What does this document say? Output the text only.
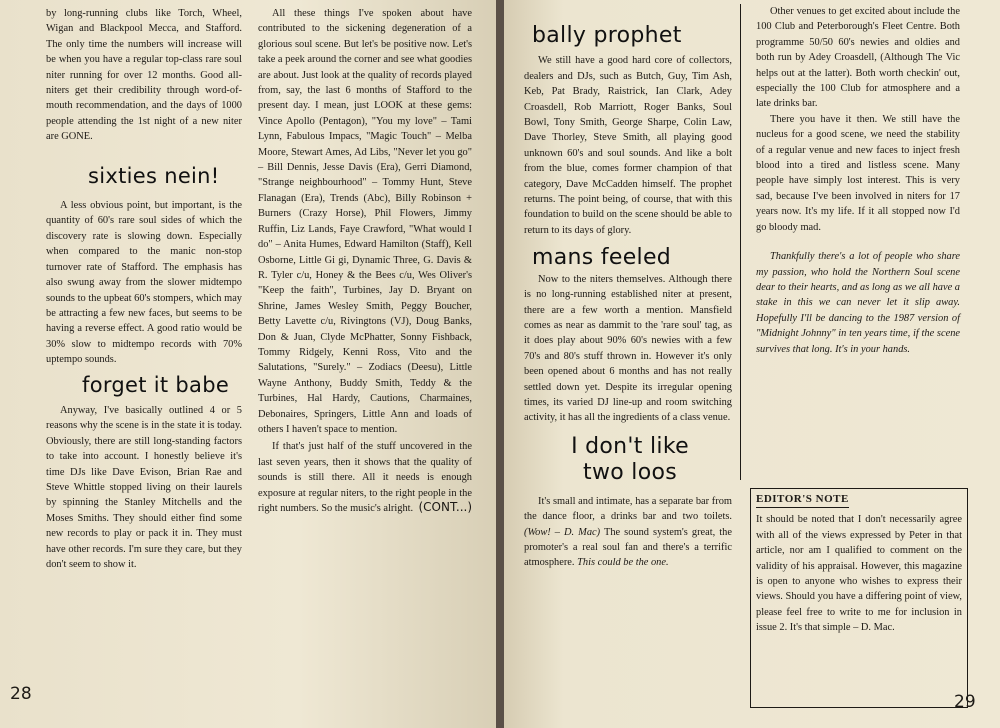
by long-running clubs like Torch, Wheel, Wigan and Blackpool Mecca, and Stafford. The only time the numbers will increase will be when you have a regular top-class rare soul niter running for over 12 months. Good all-niters get their credibility through word-of-mouth recommendation, and the days of 1000 people attending the 1st night of a new niter are GONE.

sixties nein!

A less obvious point, but important, is the quantity of 60's rare soul sides of which the discovery rate is slowing down. Especially when compared to the manic non-stop turnover rate of Stafford. The emphasis has also swung away from the slower midtempo sounds to the upbeat 60's stompers, which may be attracting a few new faces, but seems to be having a reverse effect. A good ratio would be 30% slow to midtempo records with 70% uptempo sounds.

forget it babe

Anyway, I've basically outlined 4 or 5 reasons why the scene is in the state it is today. Obviously, there are still long-standing factors to take into account. I honestly believe it's time DJs like Dave Evison, Brian Rae and Steve Whittle stopped living on their laurels by spinning the Stanley Mitchells and the Moses Smiths. They should either find some new records to play or pack it in. They must have other records. I'm sure they care, but they don't seem to show it.

All these things I've spoken about have contributed to the sickening degeneration of a glorious soul scene. But let's be positive now. Let's take a peek around the corner and see what goodies are about. Just look at the quality of records played from, say, the last 6 months of Stafford to the present day. I mean, just LOOK at these gems: Vince Apollo (Pentagon), "You my love" – Tami Lynn, Fabulous Impacs, "Magic Touch" – Melba Moore, Stewart Ames, Ad Libs, "Never let you go" – Bill Dennis, Jesse Davis (Era), Gerri Diamond, "Strange neighbourhood" – Tommy Hunt, Steve Flanagan (Era), Trends (Abc), Billy Robinson + Burners (Crazy Horse), Phil Flowers, Jimmy Ruffin, Liz Lands, Faye Crawford, "What would I do" – Anita Humes, Edward Hamilton (Staff), Kell Osborne, Little Gi gi, Dynamic Three, G. Davis & R. Tyler c/u, Honey & the Bees c/u, Wes Oliver's "Keep the faith", Turbines, Jay D. Bryant on Shrine, James Wesley Smith, Peggy Boucher, Betty Lavette c/u, Rivingtons (VJ), Doug Banks, Don & Juan, Clyde McPhatter, Sonny Fishback, Tommy Ridgely, Kenni Ross, Vito and the Salutations, "Surely." – Zodiacs (Deesu), Little Wayne Anthony, Buddy Smith, Teddy & the Turbines, Hal Hardy, Cautions, Charmaines, Debonaires, Springers, Little Ann and loads of others I haven't space to mention.

If that's just half of the stuff uncovered in the last seven years, then it shows that the quality of sounds is still there. All it needs is enough exposure at regular niters, to the right people in the right numbers. So the music's alright. (CONT...)
28
bally prophet

We still have a good hard core of collectors, dealers and DJs, such as Butch, Guy, Tim Ash, Keb, Pat Brady, Raistrick, Ian Clark, Adey Croasdell, Rob Marriott, Roger Banks, Soul Bowl, Tony Smith, George Sharpe, Colin Law, Dave Thorley, Steve Smith, all playing good unknown 60's and soul sounds. And like a bolt from the blue, comes former champion of that category, Dave McCadden himself. The prophet returns. The point being, of course, that with this foundation to build on the scene should be able to return to its days of glory.

mans feeled

Now to the niters themselves. Although there is no long-running established niter at present, there are a few worth a mention. Mansfield comes as near as dammit to the 'rare soul' tag, as it does play about 90% 60's newies with a few 70's and 80's stuff thrown in. However it's only been opened about 6 months and has not really settled down yet. Despite its irregular opening times, its varied DJ line-up and room switching activity, it has all the ingredients of a class venue.

I don't like two loos

It's small and intimate, has a separate bar from the dance floor, a drinks bar and two toilets. (Wow! – D. Mac) The sound system's great, the promoter's a real soul fan and there's a terrific atmosphere. This could be the one.

Other venues to get excited about include the 100 Club and Peterborough's Fleet Centre. Both programme 50/50 60's newies and oldies and both run by Adey Croasdell, (Although The Vic helps out at the latter). Both worth checkin' out, especially the 100 Club for atmosphere and a late drinks bar.

There you have it then. We still have the nucleus for a good scene, we need the stability of a regular venue and new faces to inject fresh blood into a tired and listless scene. Many people have simply lost interest. This is very sad, because I've been involved in niters for 17 years now. It's my life. If it all stopped now I'd go bloody mad.

Thankfully there's a lot of people who share my passion, who hold the Northern Soul scene dear to their hearts, and as long as we all have a stake in this we can never let it slip away. Hopefully I'll be dancing to the 1987 version of "Midnight Johnny" in ten years time, if the scene survives that long. It's in your hands.

EDITOR'S NOTE

It should be noted that I don't necessarily agree with all of the views expressed by Peter in that article, nor am I qualified to comment on the validity of his appraisal. However, this magazine is open to anyone who wishes to express their views. Should you have a differing point of view, please feel free to write to me for inclusion in issue 2. It's that simple – D. Mac.

29
